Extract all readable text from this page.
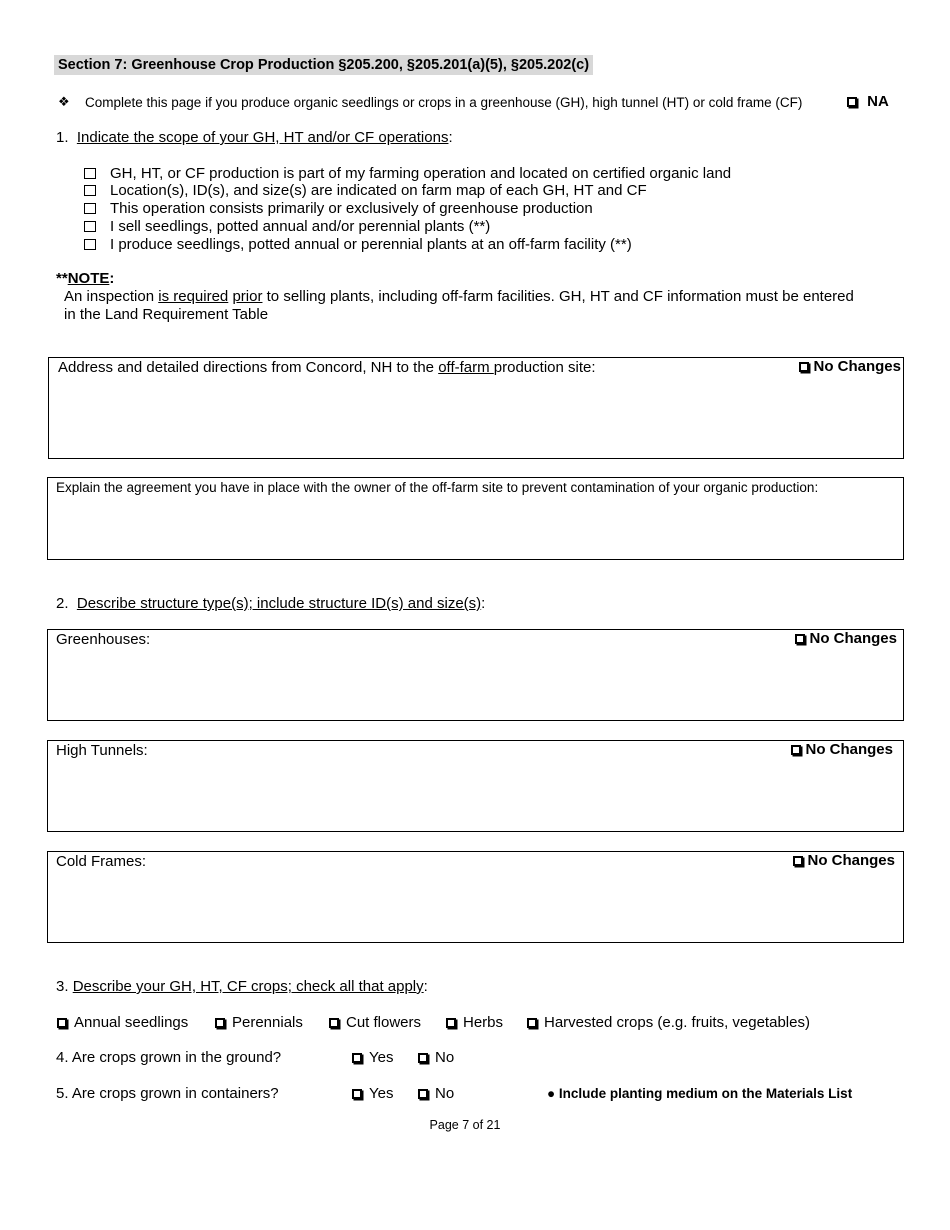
Section 7: Greenhouse Crop Production §205.200, §205.201(a)(5), §205.202(c)
❖ Complete this page if you produce organic seedlings or crops in a greenhouse (GH), high tunnel (HT) or cold frame (CF)	NA
1. Indicate the scope of your GH, HT and/or CF operations:
GH, HT, or CF production is part of my farming operation and located on certified organic land
Location(s), ID(s), and size(s) are indicated on farm map of each GH, HT and CF
This operation consists primarily or exclusively of greenhouse production
I sell seedlings, potted annual and/or perennial plants (**)
I produce seedlings, potted annual or perennial plants at an off-farm facility (**)
**NOTE:
An inspection is required prior to selling plants, including off-farm facilities. GH, HT and CF information must be entered
in the Land Requirement Table
Address and detailed directions from Concord, NH to the off-farm production site:	No Changes
Explain the agreement you have in place with the owner of the off-farm site to prevent contamination of your organic production:
2. Describe structure type(s); include structure ID(s) and size(s):
Greenhouses:	No Changes
High Tunnels:	No Changes
Cold Frames:	No Changes
3. Describe your GH, HT, CF crops; check all that apply:
Annual seedlings	Perennials	Cut flowers	Herbs	Harvested crops (e.g. fruits, vegetables)
4. Are crops grown in the ground?	Yes	No
5. Are crops grown in containers?	Yes	No	● Include planting medium on the Materials List
Page 7 of 21
